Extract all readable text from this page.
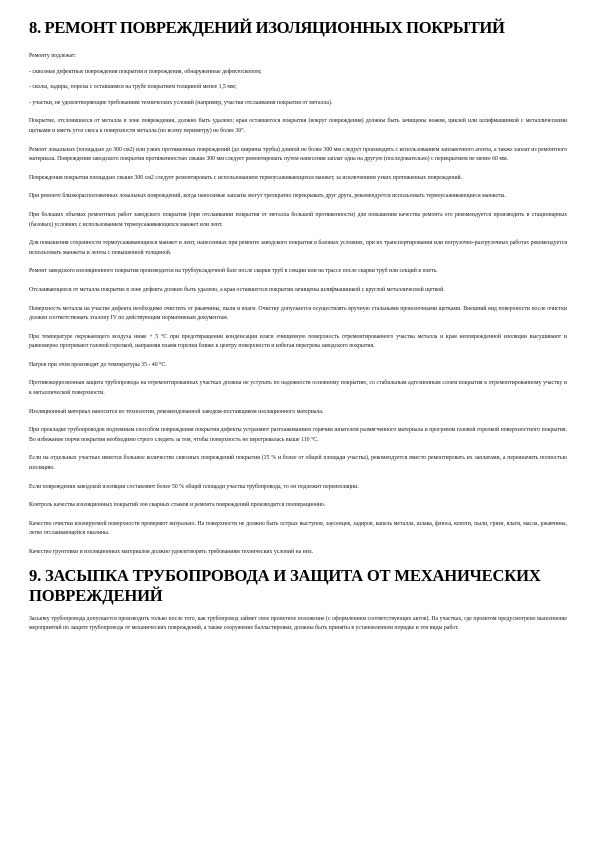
8. РЕМОНТ ПОВРЕЖДЕНИЙ ИЗОЛЯЦИОННЫХ ПОКРЫТИЙ

Ремонту подлежат:

- сквозные дефектные повреждения покрытия и повреждения, обнаруженные дефектоскопом;

- сколы, задиры, порезы с оставшимся на трубе покрытием толщиной менее 1,5 мм;

- участки, не удовлетворяющие требованиям технических условий (например, участки отслаивания покрытия от металла).

Покрытие, отслоившееся от металла в зоне повреждения, должно быть удалено; края оставшегося покрытия (вокруг повреждения) должны быть зачищены ножом, циклей или шлифмашинкой с металлическими щетками и иметь угол скоса к поверхности металла (по всему периметру) не более 30°.

Ремонт локальных (площадью до 300 см2) или узких протяженных повреждений (до ширины трубы) длиной не более 300 мм следует производить с использованием заплавочного агента, а также заплат из ремонтного материала. Повреждения заводского покрытия протяженностью свыше 300 мм следует ремонтировать путем нанесения заплат одна на другую (последовательно) с перекрытием не менее 60 мм.

Повреждения покрытия площадью свыше 300 см2 следует ремонтировать с использованием термоусаживающихся манжет, за исключением узких протяженных повреждений.

При ремонте близкорасположенных локальных повреждений, когда наносимые заплаты могут трехкратно перекрывать друг друга, рекомендуется использовать термоусаживающиеся манжеты.

При больших объемах ремонтных работ заводского покрытия (при отслаивании покрытия от металла большой протяженности) для повышения качества ремонта его рекомендуется производить в стационарных (базовых) условиях с использованием термоусаживающихся манжет или лент.

Для повышения сохранности термоусаживающихся манжет и лент, нанесенных при ремонте заводского покрытия в базовых условиях, при их транспортировании или погрузочно-разгрузочных работах рекомендуется использовать манжеты и ленты с повышенной толщиной.

Ремонт заводского изоляционного покрытия производится на трубоукладочной базе после сварки труб в секции или на трассе после сварки труб или секций в плеть.

Отслаивающееся от металла покрытие в зоне дефекта должно быть удалено, а края оставшегося покрытия зачищены шлифмашинкой с круглой металлической щеткой.

Поверхность металла на участке дефекта необходимо очистить от ржавчины, пыли и влаги. Очистку допускается осуществлять вручную стальными проволочными щетками. Внешний вид поверхности после очистки должен соответствовать эталону IV по действующим нормативным документам.

При температуре окружающего воздуха ниже + 5 °С при предотвращении конденсации влаги очищенную поверхность отремонтированного участка металла и края неповрежденной изоляции высушивают и равномерно прогревают газовой горелкой, направляя пламя горелки ближе к центру поверхности и избегая перегрева заводского покрытия.

Нагрев при этом производят до температуры 35 - 40 °С.

Противокоррозионная защита трубопровода на отремонтированных участках должна не уступать по надежности основному покрытию, со стабильным адгезионным слоем покрытия к отремонтированному участку и к металлической поверхности.

Изоляционный материал наносится по технологии, рекомендованной заводом-поставщиком изоляционного материала.

При прокладке трубопроводов подземным способом повреждения покрытия дефекты устраняют разглаживанием горячим шпателем размягченного материала и прогревом газовой горелкой поверхностного покрытия. Во избежание порчи покрытия необходимо строго следить за тем, чтобы поверхность не перегревалась выше 110 °С.

Если на отдельных участках имеется большое количество сквозных повреждений покрытия (15 % и более от общей площади участка), рекомендуется вместо ремонтировать их заплатами, а переиначить полностью изоляцию.

Если повреждения заводской изоляции составляют более 50 % общей площади участка трубопровода, то он подлежит переизоляции.

Контроль качества изоляционных покрытий зон сварных стыков и ремонта повреждений производится пооперационно.

Качество очистки изолируемой поверхности проверяют визуально. На поверхности не должно быть острых выступов, заусенцев, задиров, капель металла, шлака, флюса, копоти, пыли, грязи, влаги, масла, ржавчины, легко отслаивающейся окалины.

Качество грунтовки и изоляционных материалов должно удовлетворять требованиям технических условий на них.

9. ЗАСЫПКА ТРУБОПРОВОДА И ЗАЩИТА ОТ МЕХАНИЧЕСКИХ ПОВРЕЖДЕНИЙ

Засыпку трубопровода допускается производить только после того, как трубопровод займет свое проектное положение (с оформлением соответствующих актов). На участках, где проектом предусмотрено выполнение мероприятий по защите трубопровода от механических повреждений, а также сооружение балластировки, должны быть приняты в установленном порядке и эти виды работ.
